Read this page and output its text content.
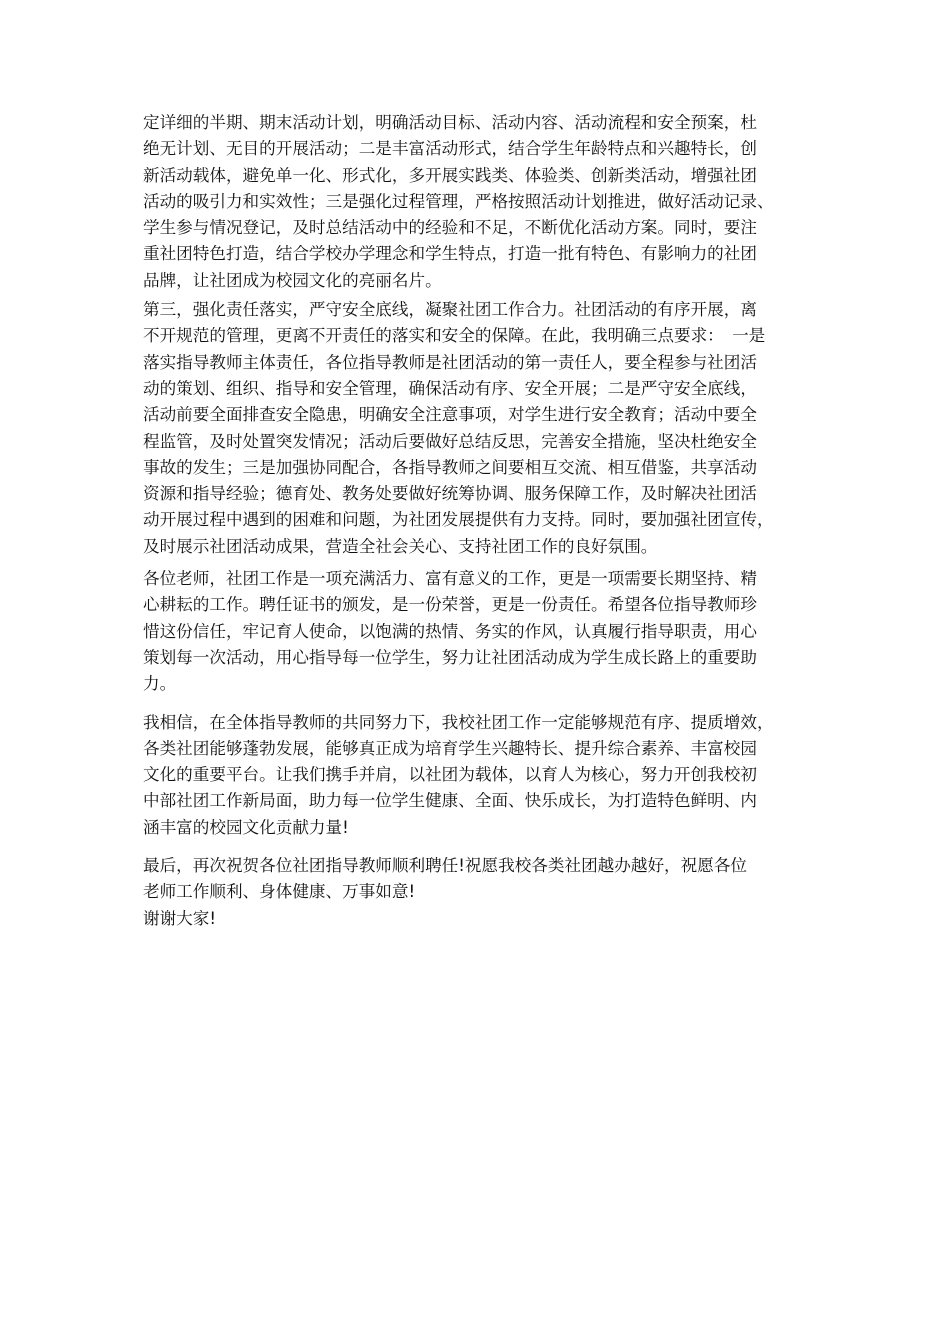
定详细的半期、期末活动计划，明确活动目标、活动内容、活动流程和安全预案，杜
绝无计划、无目的开展活动；二是丰富活动形式，结合学生年龄特点和兴趣特长，创
新活动载体，避免单一化、形式化，多开展实践类、体验类、创新类活动，增强社团
活动的吸引力和实效性；三是强化过程管理，严格按照活动计划推进，做好活动记录、
学生参与情况登记，及时总结活动中的经验和不足，不断优化活动方案。同时，要注
重社团特色打造，结合学校办学理念和学生特点，打造一批有特色、有影响力的社团
品牌，让社团成为校园文化的亮丽名片。
第三，强化责任落实，严守安全底线，凝聚社团工作合力。社团活动的有序开展，离
不开规范的管理，更离不开责任的落实和安全的保障。在此，我明确三点要求：　一是
落实指导教师主体责任，各位指导教师是社团活动的第一责任人，要全程参与社团活
动的策划、组织、指导和安全管理，确保活动有序、安全开展；二是严守安全底线，
活动前要全面排查安全隐患，明确安全注意事项，对学生进行安全教育；活动中要全
程监管，及时处置突发情况；活动后要做好总结反思，完善安全措施，坚决杜绝安全
事故的发生；三是加强协同配合，各指导教师之间要相互交流、相互借鉴，共享活动
资源和指导经验；德育处、教务处要做好统筹协调、服务保障工作，及时解决社团活
动开展过程中遇到的困难和问题，为社团发展提供有力支持。同时，要加强社团宣传，
及时展示社团活动成果，营造全社会关心、支持社团工作的良好氛围。
各位老师，社团工作是一项充满活力、富有意义的工作，更是一项需要长期坚持、精
心耕耘的工作。聘任证书的颁发，是一份荣誉，更是一份责任。希望各位指导教师珍
惜这份信任，牢记育人使命，以饱满的热情、务实的作风，认真履行指导职责，用心
策划每一次活动，用心指导每一位学生，努力让社团活动成为学生成长路上的重要助
力。
我相信，在全体指导教师的共同努力下，我校社团工作一定能够规范有序、提质增效，
各类社团能够蓬勃发展，能够真正成为培育学生兴趣特长、提升综合素养、丰富校园
文化的重要平台。让我们携手并肩，以社团为载体，以育人为核心，努力开创我校初
中部社团工作新局面，助力每一位学生健康、全面、快乐成长，为打造特色鲜明、内
涵丰富的校园文化贡献力量!
最后，再次祝贺各位社团指导教师顺利聘任!祝愿我校各类社团越办越好，祝愿各位
老师工作顺利、身体健康、万事如意!
谢谢大家!
